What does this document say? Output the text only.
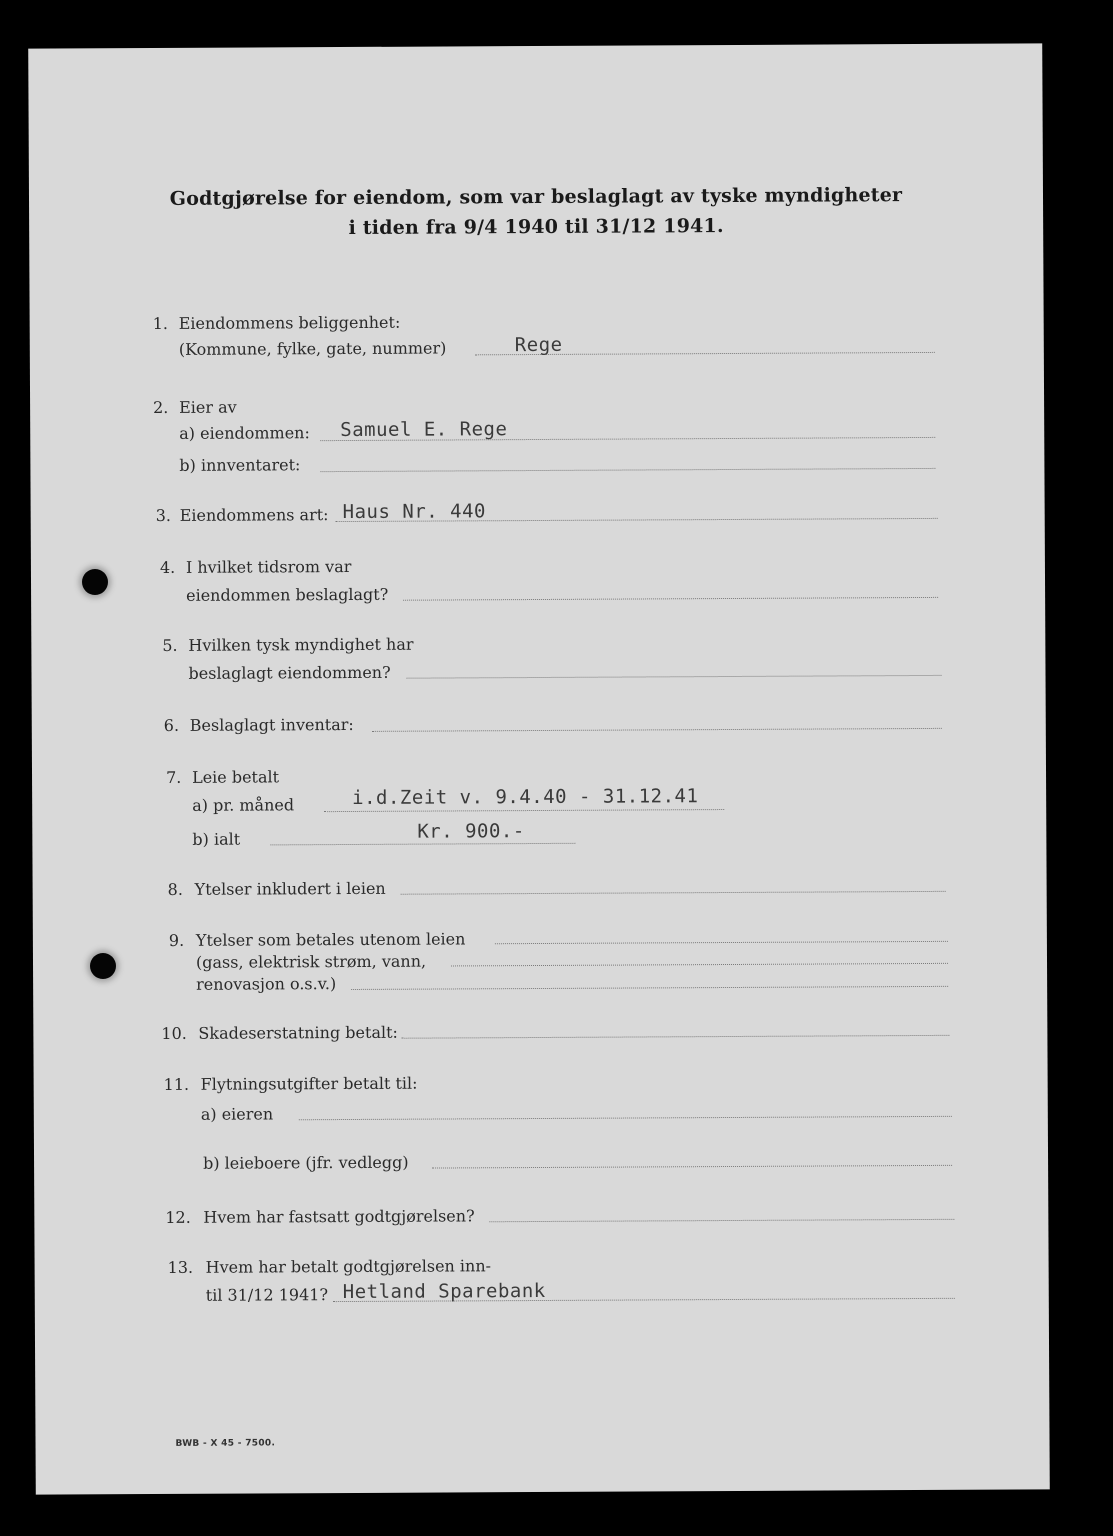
Godtgjørelse for eiendom, som var beslaglagt av tyske myndigheter
i tiden fra 9/4 1940 til 31/12 1941.
1. Eiendommens beliggenhet:
(Kommune, fylke, gate, nummer)	Rege
2. Eier av
a) eiendommen: Samuel E. Rege
b) innventaret:
3. Eiendommens art: Haus Nr. 440
4. I hvilket tidsrom var
eiendommen beslaglagt?
5. Hvilken tysk myndighet har
beslaglagt eiendommen?
6. Beslaglagt inventar:
7. Leie betalt
a) pr. måned	i.d.Zeit v. 9.4.40 - 31.12.41
b) ialt	Kr. 900.-
8. Ytelser inkludert i leien
9. Ytelser som betales utenom leien
(gass, elektrisk strøm, vann,
renovasjon o.s.v.)
10. Skadeserstatning betalt:
11. Flytningsutgifter betalt til:
a) eieren
b) leieboere (jfr. vedlegg)
12. Hvem har fastsatt godtgjørelsen?
13. Hvem har betalt godtgjørelsen inn-
til 31/12 1941? Hetland Sparebank
BWB - X 45 - 7500.
